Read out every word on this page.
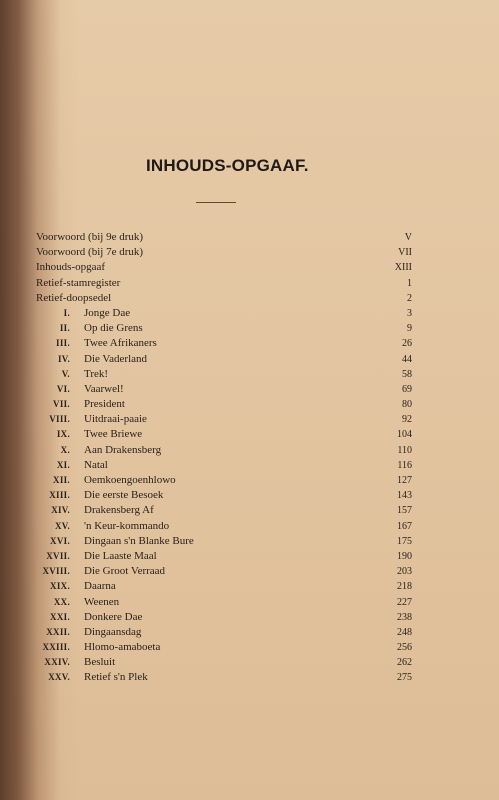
INHOUDS-OPGAAF.
Voorwoord (bij 9e druk) . . .	V
Voorwoord (bij 7e druk) . . .	VII
Inhouds-opgaaf . . .	XIII
Retief-stamregister . . .	1
Retief-doopsedel . . .	2
I. Jonge Dae . . .	3
II. Op die Grens . . .	9
III. Twee Afrikaners . . .	26
IV. Die Vaderland . . .	44
V. Trek! . . .	58
VI. Vaarwel! . . .	69
VII. President . . .	80
VIII. Uitdraai-paaie . . .	92
IX. Twee Briewe . . .	104
X. Aan Drakensberg . . .	110
XI. Natal . . .	116
XII. Oemkoengoenhlowo . . .	127
XIII. Die eerste Besoek . . .	143
XIV. Drakensberg Af . . .	157
XV. 'n Keur-kommando . . .	167
XVI. Dingaan s'n Blanke Bure . . .	175
XVII. Die Laaste Maal . . .	190
XVIII. Die Groot Verraad . . .	203
XIX. Daarna . . .	218
XX. Weenen . . .	227
XXI. Donkere Dae . . .	238
XXII. Dingaansdag . . .	248
XXIII. Hlomo-amaboeta . . .	256
XXIV. Besluit . . .	262
XXV. Retief s'n Plek . . .	275
